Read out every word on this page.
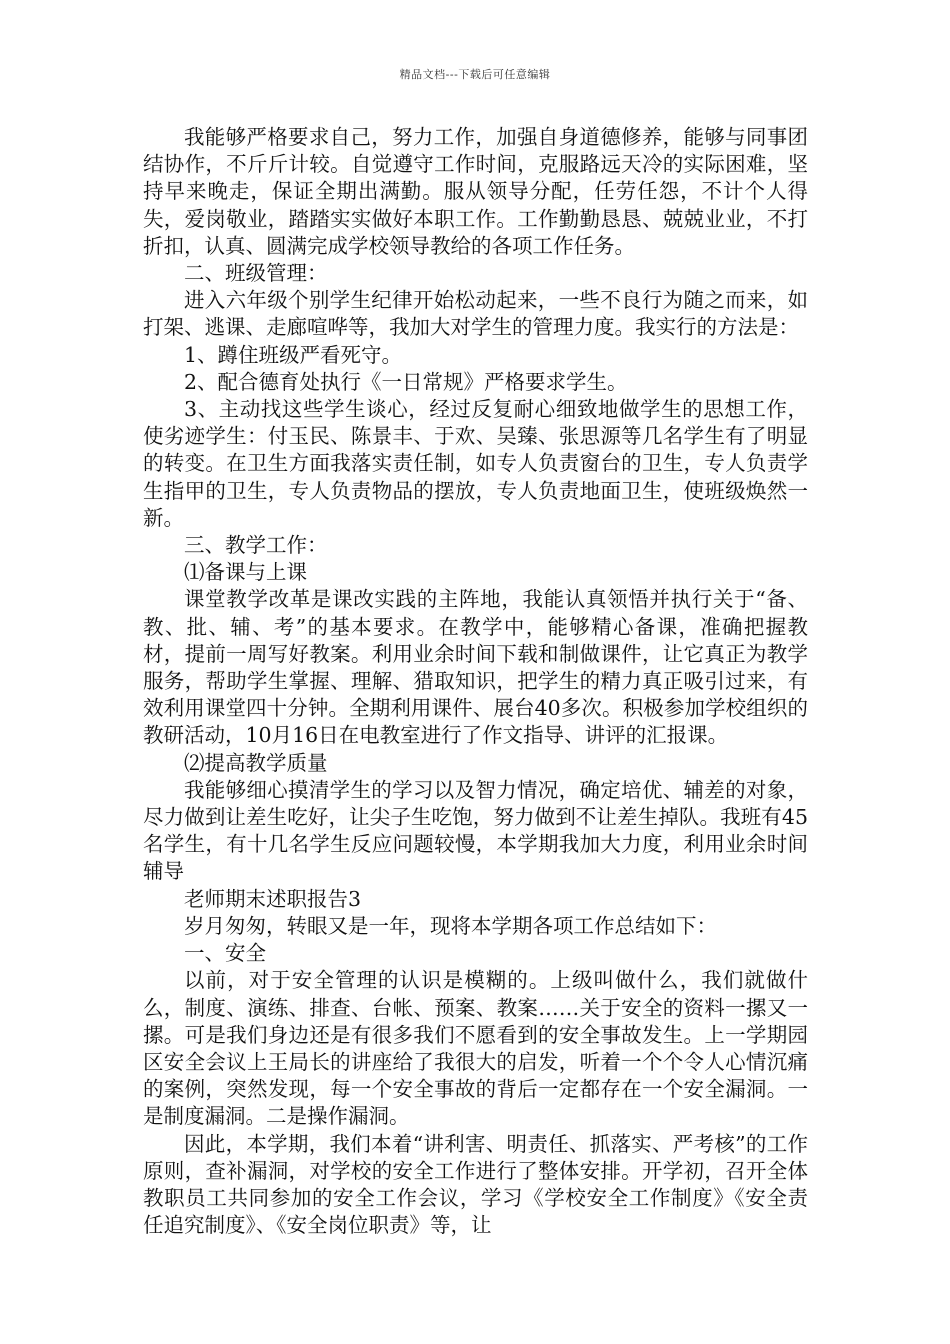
精品文档---下载后可任意编辑

我能够严格要求自己，努力工作，加强自身道德修养，能够与同事团结协作，不斤斤计较。自觉遵守工作时间，克服路远天冷的实际困难，坚持早来晚走，保证全期出满勤。服从领导分配，任劳任怨，不计个人得失，爱岗敬业，踏踏实实做好本职工作。工作勤勤恳恳、兢兢业业，不打折扣，认真、圆满完成学校领导教给的各项工作任务。

二、班级管理：

进入六年级个别学生纪律开始松动起来，一些不良行为随之而来，如打架、逃课、走廊喧哗等，我加大对学生的管理力度。我实行的方法是：

1、蹲住班级严看死守。

2、配合德育处执行《一日常规》严格要求学生。

3、主动找这些学生谈心，经过反复耐心细致地做学生的思想工作，使劣迹学生：付玉民、陈景丰、于欢、吴臻、张思源等几名学生有了明显的转变。在卫生方面我落实责任制，如专人负责窗台的卫生，专人负责学生指甲的卫生，专人负责物品的摆放，专人负责地面卫生，使班级焕然一新。

三、教学工作：

⑴备课与上课

课堂教学改革是课改实践的主阵地，我能认真领悟并执行关于“备、教、批、辅、考”的基本要求。在教学中，能够精心备课，准确把握教材，提前一周写好教案。利用业余时间下载和制做课件，让它真正为教学服务，帮助学生掌握、理解、猎取知识，把学生的精力真正吸引过来，有效利用课堂四十分钟。全期利用课件、展台40多次。积极参加学校组织的教研活动，10月16日在电教室进行了作文指导、讲评的汇报课。

⑵提高教学质量

我能够细心摸清学生的学习以及智力情况，确定培优、辅差的对象，尽力做到让差生吃好，让尖子生吃饱，努力做到不让差生掉队。我班有45名学生，有十几名学生反应问题较慢，本学期我加大力度，利用业余时间辅导

老师期末述职报告3

岁月匆匆，转眼又是一年，现将本学期各项工作总结如下：

一、安全

以前，对于安全管理的认识是模糊的。上级叫做什么，我们就做什么，制度、演练、排查、台帐、预案、教案……关于安全的资料一摞又一摞。可是我们身边还是有很多我们不愿看到的安全事故发生。上一学期园区安全会议上王局长的讲座给了我很大的启发，听着一个个令人心情沉痛的案例，突然发现，每一个安全事故的背后一定都存在一个安全漏洞。一是制度漏洞。二是操作漏洞。

因此，本学期，我们本着“讲利害、明责任、抓落实、严考核”的工作原则，查补漏洞，对学校的安全工作进行了整体安排。开学初，召开全体教职员工共同参加的安全工作会议，学习《学校安全工作制度》《安全责任追究制度》、《安全岗位职责》等，让
